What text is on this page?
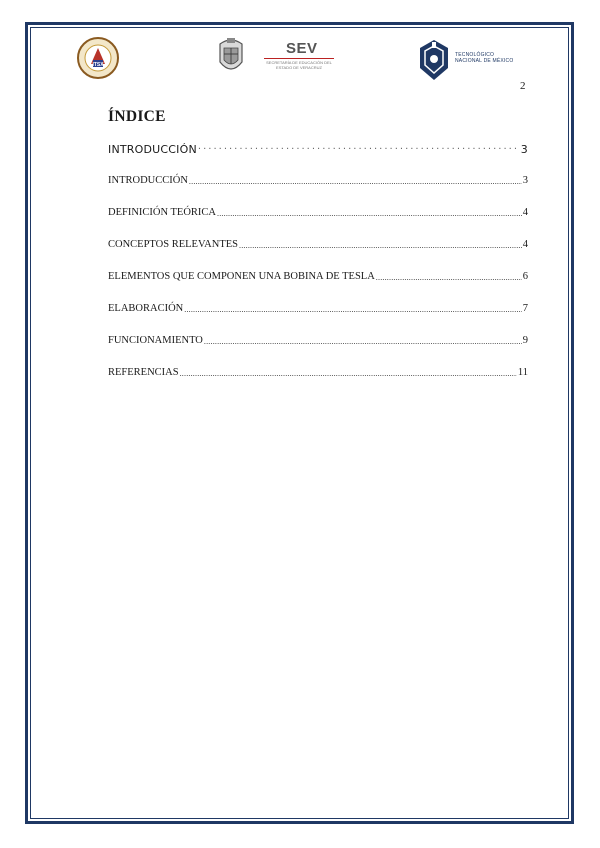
ITSX
SEV
SECRETARÍA DE EDUCACIÓN DEL ESTADO DE VERACRUZ
TECNOLÓGICO
NACIONAL DE MÉXICO
2
ÍNDICE
INTRODUCCIÓN ·····	3
INTRODUCCIÓN .....	3
DEFINICIÓN TEÓRICA .....	4
CONCEPTOS RELEVANTES .....	4
ELEMENTOS QUE COMPONEN UNA BOBINA DE TESLA .....	6
ELABORACIÓN .....	7
FUNCIONAMIENTO .....	9
REFERENCIAS .....	11
